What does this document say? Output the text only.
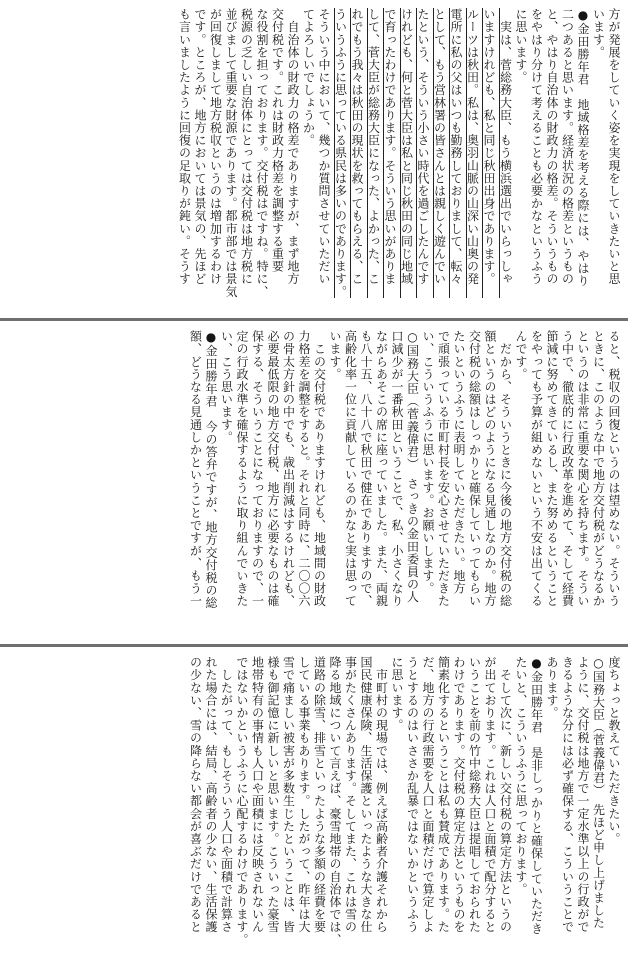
方が発展をしていく姿を実現をしていきたいと思

います。

●金田勝年君　地域格差を考える際には、やはり

二つあると思います。経済状況の格差というもの

と、やはり自治体の財政力の格差。そういうもの

をやはり分けて考えることも必要かなというふう

に思います。

　実は、菅総務大臣、もう横浜選出でいらっしゃ

いますけれども、私と同じ秋田出身であります。

ルーツは秋田。私は、奥羽山脈の山深い山奥の発

電所に私の父はいつも勤務しておりまして、転々

として、もう営林署の皆さんとは親しく遊んでい

たという、そういう小さい時代を過ごしたんです

けれども、何と菅大臣は私と同じ秋田の同じ地域

で育ったわけであります。そういう思いがありま

して、菅大臣が総務大臣になった、よかった、こ

れでもう我々は秋田の現状を救ってもらえる、こ

ういうふうに思っている県民は多いのであります。

そういう中において、幾つか質問させていただい

てよろしいでしょうか。

　自治体の財政力の格差でありますが、まず地方

交付税です。これは財政力格差を調整する重要

な役割を担っております。交付税はですね。特に、

税源の乏しい自治体にとっては交付税は地方税に

並びまして重要な財源であります。都市部では景気

が回復しまして地方税収というのは増加するわけ

です。ところが、地方においては景気の、先ほど

も言いましたように回復の足取りが鈍い。そうす

ると、税収の回復というのは望めない。そういう

ときに、このような中で地方交付税がどうなるか

というのは非常に重要な関心を持ちます。そうい

う中で、徹底的に行政改革を進めて、そして経費

節減に努めてきているし、また努めるということ

をやっても予算が組めないという不安は出てくる

んです。

　だから、そういうときに今後の地方交付税の総

額というのはどのようになる見通しなのか。地方

交付税の総額はしっかりと確保していってもらい

たいというふうに表明していただきたい。地方

で頑張っている市町村長を安心させていただきた

い、こういうふうに思います。お願いします。

○国務大臣（菅義偉君）　さっきの金田委員の人

口減少が一番秋田ということで、私、小さくなり

ながらあそこの席に座っていました。また、両親

も八十五、八十八で秋田で健在でありますので、

高齢化率一位に貢献しているのかなと実は思って

います。

　この交付税でありますけれども、地域間の財政

力格差を調整をすると。それと同時に、二〇〇六

の骨太方針の中でも、歳出削減はするけれども、

必要最低限の地方交付税、地方に必要なものは確

保する、そういうことになっておりますので、一

定の行政水準を確保するように取り組んでいきた

い、こう思います。

●金田勝年君　今の答弁ですが、地方交付税の総

額、どうなる見通しかということですが、もう一

度ちょっと教えていただきたい。

○国務大臣（菅義偉君）　先ほど申し上げました

ように、交付税は地方で一定水準以上の行政がで

きるような分には必ず確保する、こういうことで

あります。

●金田勝年君　是非しっかりと確保していただき

たいと、こういうふうに思っております。

　そして次に、新しい交付税の算定方法というの

が出ております。これは人口と面積で配分すると

いうことを前の竹中総務大臣は提唱しておられた

わけであります。交付税の算定方法というものを

簡素化するということは私も賛成であります。た

だ、地方の行政需要を人口と面積だけで算定しよ

うとするのはいささか乱暴ではないかというふう

に思います。

　市町村の現場では、例えば高齢者介護それから

国民健康保険、生活保護といったような大きな仕

事がたくさんあります。そしてまた、これは雪の

降る地域について言えば、豪雪地帯の自治体では、

道路の除雪、排雪といったような多額の経費を要

している事業もあります。したがって、昨年は大

雪で痛ましい被害が多数生じたということは、皆

様も御記憶に新しいと思います。こういった豪雪

地帯特有の事情も人口や面積には反映されないん

ではないかというふうに心配するわけであります。

　したがって、もしそういう人口や面積で計算さ

れた場合には、結局、高齢者の少ない、生活保護

の少ない、雪の降らない都会が喜ぶだけであると
